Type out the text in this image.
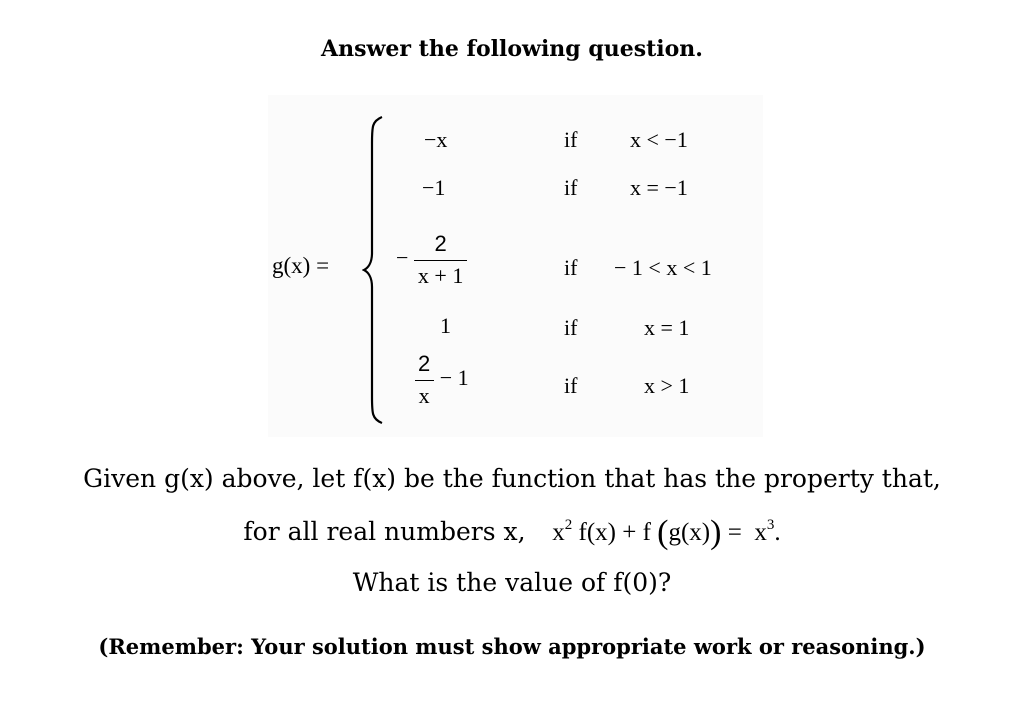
Answer the following question.
g(x) =
−x	if x < −1
−1	if x = −1
− $\frac{2}{x + 1}$	if − 1 < x < 1
1	if	x = 1
$\frac{2}{x} - 1$	if	x > 1
Given g(x) above, let f(x) be the function that has the property that,
for all real numbers x, $x^2$ f(x) + f $(g(x)) = x^3$.
What is the value of f(0)?
(Remember: Your solution must show appropriate work or reasoning.)
